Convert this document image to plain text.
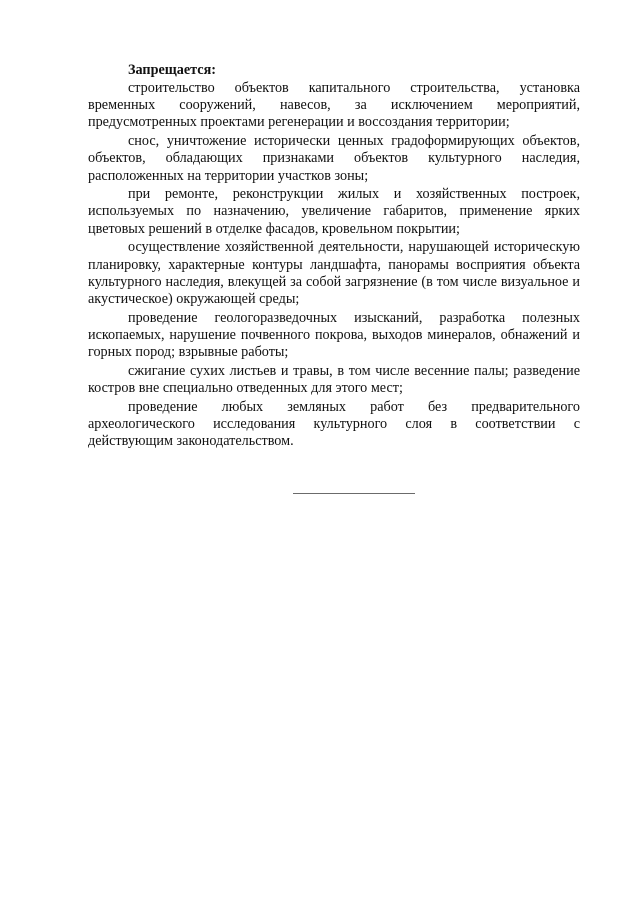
Запрещается:

строительство объектов капитального строительства, установка временных сооружений, навесов, за исключением мероприятий, предусмотренных проектами регенерации и воссоздания территории;

снос, уничтожение исторически ценных градоформирующих объектов, объектов, обладающих признаками объектов культурного наследия, расположенных на территории участков зоны;

при ремонте, реконструкции жилых и хозяйственных построек, используемых по назначению, увеличение габаритов, применение ярких цветовых решений в отделке фасадов, кровельном покрытии;

осуществление хозяйственной деятельности, нарушающей историческую планировку, характерные контуры ландшафта, панорамы восприятия объекта культурного наследия, влекущей за собой загрязнение (в том числе визуальное и акустическое) окружающей среды;

проведение геологоразведочных изысканий, разработка полезных ископаемых, нарушение почвенного покрова, выходов минералов, обнажений и горных пород; взрывные работы;

сжигание сухих листьев и травы, в том числе весенние палы; разведение костров вне специально отведенных для этого мест;

проведение любых земляных работ без предварительного археологического исследования культурного слоя в соответствии с действующим законодательством.
